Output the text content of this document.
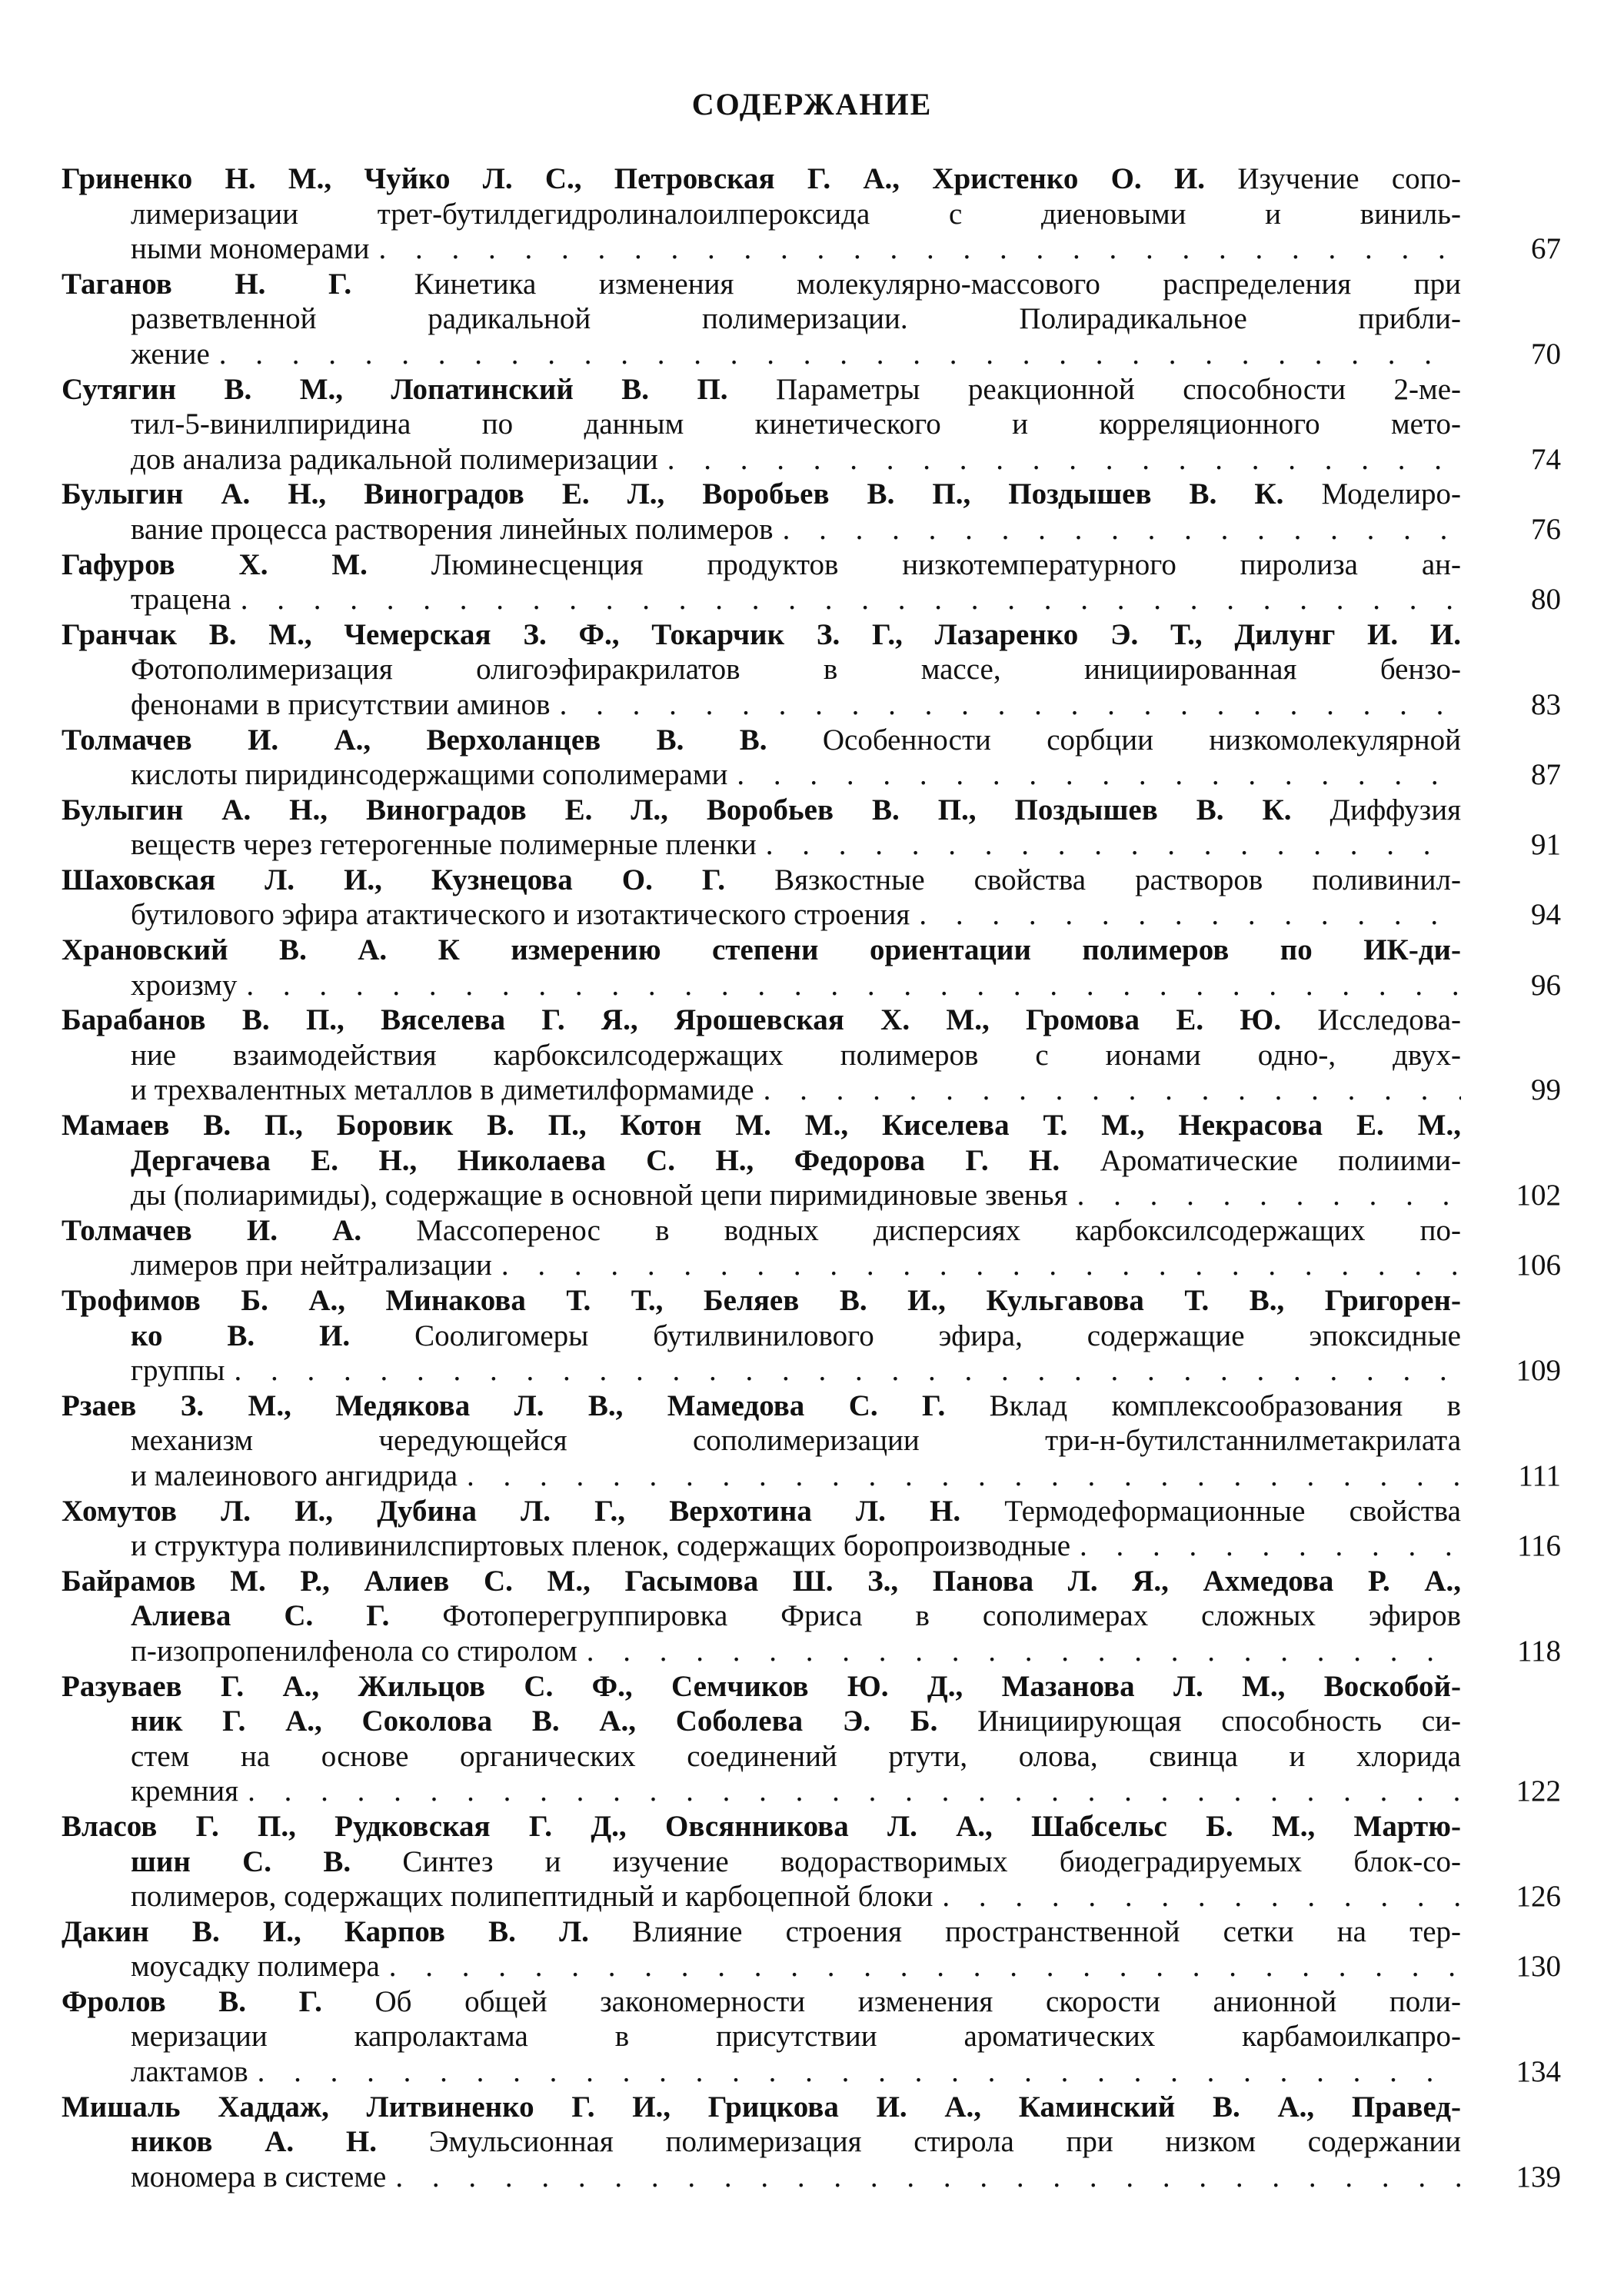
СОДЕРЖАНИЕ
Гриненко Н. М., Чуйко Л. С., Петровская Г. А., Христенко О. И. Изучение сопо-
лимеризации трет-бутилдегидролиналоилпероксида с диеновыми и виниль-
ными мономерами . . .	67
Таганов Н. Г. Кинетика изменения молекулярно-массового распределения при
разветвленной радикальной полимеризации. Полирадикальное прибли-
жение . . .	70
Сутягин В. М., Лопатинский В. П. Параметры реакционной способности 2-ме-
тил-5-винилпиридина по данным кинетического и корреляционного мето-
дов анализа радикальной полимеризации . . .	74
Булыгин А. Н., Виноградов Е. Л., Воробьев В. П., Поздышев В. К. Моделиро-
вание процесса растворения линейных полимеров . . .	76
Гафуров Х. М. Люминесценция продуктов низкотемпературного пиролиза ан-
трацена . . .	80
Гранчак В. М., Чемерская З. Ф., Токарчик З. Г., Лазаренко Э. Т., Дилунг И. И.
Фотополимеризация олигоэфиракрилатов в массе, инициированная бензо-
фенонами в присутствии аминов . . .	83
Толмачев И. А., Верхоланцев В. В. Особенности сорбции низкомолекулярной
кислоты пиридинсодержащими сополимерами . . .	87
Булыгин А. Н., Виноградов Е. Л., Воробьев В. П., Поздышев В. К. Диффузия
веществ через гетерогенные полимерные пленки . . .	91
Шаховская Л. И., Кузнецова О. Г. Вязкостные свойства растворов поливинил-
бутилового эфира атактического и изотактического строения . . .	94
Храновский В. А. К измерению степени ориентации полимеров по ИК-ди-
хроизму . . .	96
Барабанов В. П., Вяселева Г. Я., Ярошевская Х. М., Громова Е. Ю. Исследова-
ние взаимодействия карбоксилсодержащих полимеров с ионами одно-, двух-
и трехвалентных металлов в диметилформамиде . . .	99
Мамаев В. П., Боровик В. П., Котон М. М., Киселева Т. М., Некрасова Е. М.,
Дергачева Е. Н., Николаева С. Н., Федорова Г. Н. Ароматические полиими-
ды (полиаримиды), содержащие в основной цепи пиримидиновые звенья . . .	102
Толмачев И. А. Массоперенос в водных дисперсиях карбоксилсодержащих по-
лимеров при нейтрализации . . .	106
Трофимов Б. А., Минакова Т. Т., Беляев В. И., Кульгавова Т. В., Григорен-
ко В. И. Соолигомеры бутилвинилового эфира, содержащие эпоксидные
группы . . .	109
Рзаев З. М., Медякова Л. В., Мамедова С. Г. Вклад комплексообразования в
механизм чередующейся сополимеризации три-н-бутилстаннилметакрилата
и малеинового ангидрида . . .	111
Хомутов Л. И., Дубина Л. Г., Верхотина Л. Н. Термодеформационные свойства
и структура поливинилспиртовых пленок, содержащих боропроизводные . . .	116
Байрамов М. Р., Алиев С. М., Гасымова Ш. З., Панова Л. Я., Ахмедова Р. А.,
Алиева С. Г. Фотоперегруппировка Фриса в сополимерах сложных эфиров
п-изопропенилфенола со стиролом . . .	118
Разуваев Г. А., Жильцов С. Ф., Семчиков Ю. Д., Мазанова Л. М., Воскобой-
ник Г. А., Соколова В. А., Соболева Э. Б. Инициирующая способность си-
стем на основе органических соединений ртути, олова, свинца и хлорида
кремния . . .	122
Власов Г. П., Рудковская Г. Д., Овсянникова Л. А., Шабсельс Б. М., Мартю-
шин С. В. Синтез и изучение водорастворимых биодеградируемых блок-со-
полимеров, содержащих полипептидный и карбоцепной блоки . . .	126
Дакин В. И., Карпов В. Л. Влияние строения пространственной сетки на тер-
моусадку полимера . . .	130
Фролов В. Г. Об общей закономерности изменения скорости анионной поли-
меризации капролактама в присутствии ароматических карбамоилкапро-
лактамов . . .	134
Мишаль Хаддаж, Литвиненко Г. И., Грицкова И. А., Каминский В. А., Правед-
ников А. Н. Эмульсионная полимеризация стирола при низком содержании
мономера в системе . . .	139
